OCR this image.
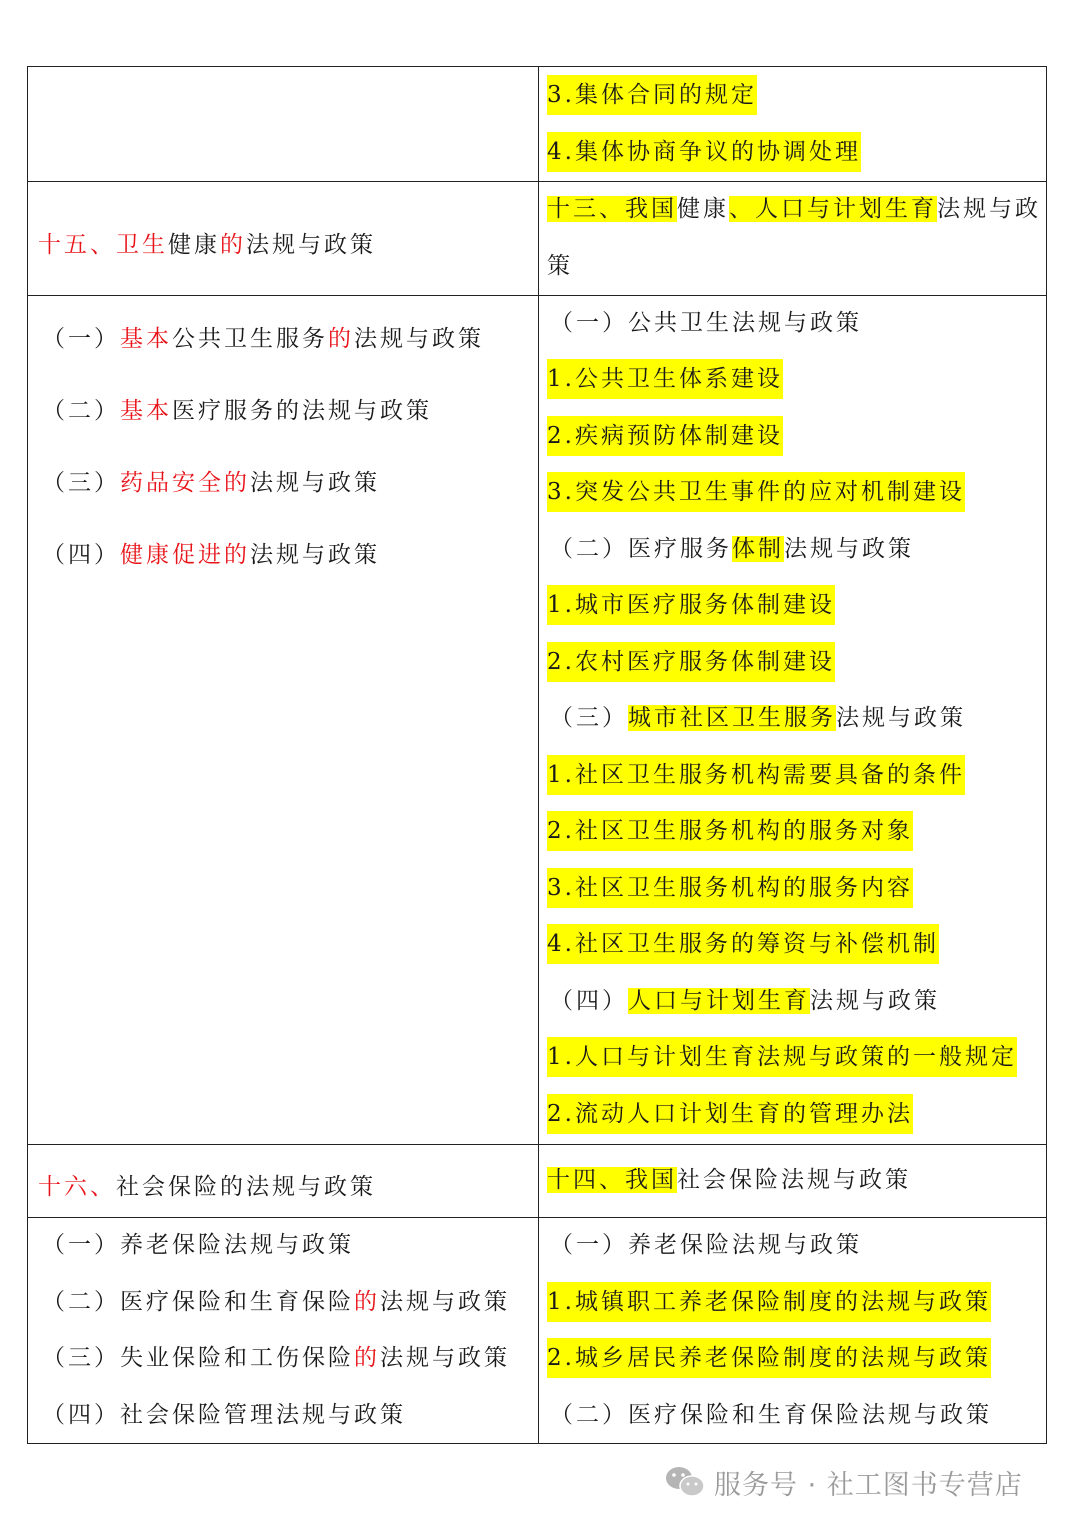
3.集体合同的规定
4.集体协商争议的协调处理
十五、卫生健康的法规与政策
十三、我国健康、人口与计划生育法规与政
策
（一）基本公共卫生服务的法规与政策
（二）基本医疗服务的法规与政策
（三）药品安全的法规与政策
（四）健康促进的法规与政策
（一）公共卫生法规与政策
1.公共卫生体系建设
2.疾病预防体制建设
3.突发公共卫生事件的应对机制建设
（二）医疗服务体制法规与政策
1.城市医疗服务体制建设
2.农村医疗服务体制建设
（三）城市社区卫生服务法规与政策
1.社区卫生服务机构需要具备的条件
2.社区卫生服务机构的服务对象
3.社区卫生服务机构的服务内容
4.社区卫生服务的筹资与补偿机制
（四）人口与计划生育法规与政策
1.人口与计划生育法规与政策的一般规定
2.流动人口计划生育的管理办法
十六、社会保险的法规与政策	十四、我国社会保险法规与政策
（一）养老保险法规与政策
（二）医疗保险和生育保险的法规与政策
（三）失业保险和工伤保险的法规与政策
（四）社会保险管理法规与政策
（一）养老保险法规与政策
1.城镇职工养老保险制度的法规与政策
2.城乡居民养老保险制度的法规与政策
（二）医疗保险和生育保险法规与政策
服务号 · 社工图书专营店
